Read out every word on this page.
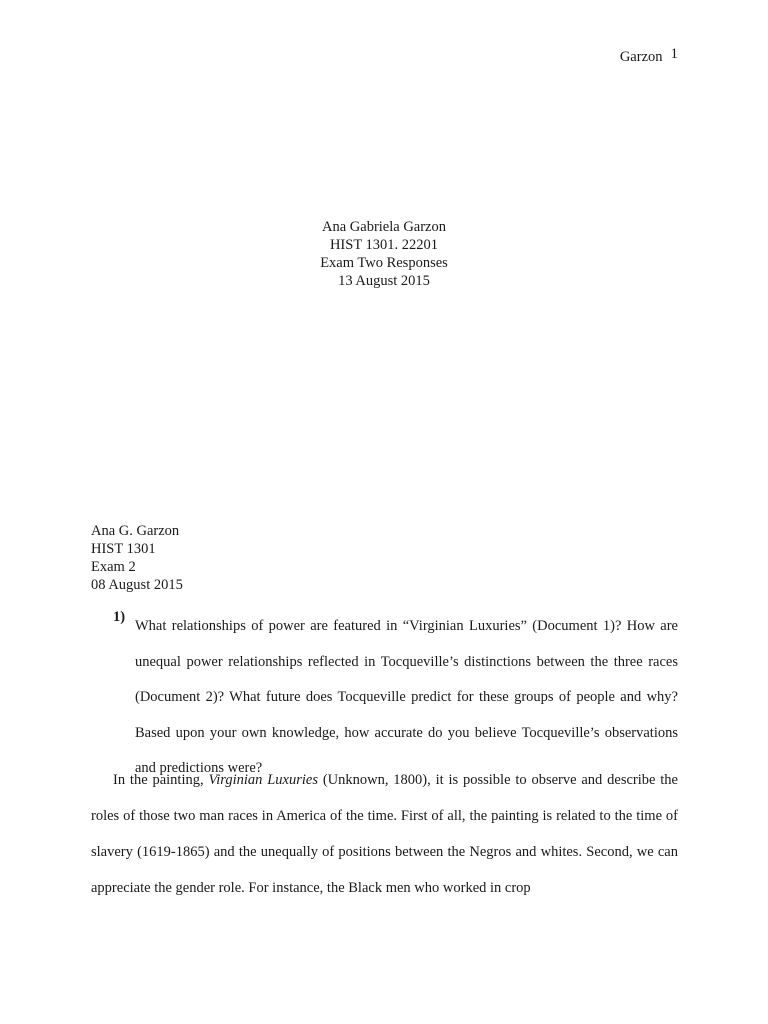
Garzon 1
Ana Gabriela Garzon
HIST 1301. 22201
Exam Two Responses
13 August 2015
Ana G. Garzon
HIST 1301
Exam 2
08 August 2015
1)
What relationships of power are featured in “Virginian Luxuries” (Document 1)? How are unequal power relationships reflected in Tocqueville’s distinctions between the three races (Document 2)? What future does Tocqueville predict for these groups of people and why? Based upon your own knowledge, how accurate do you believe Tocqueville’s observations and predictions were?
In the painting, Virginian Luxuries (Unknown, 1800), it is possible to observe and describe the roles of those two man races in America of the time. First of all, the painting is related to the time of slavery (1619-1865) and the unequally of positions between the Negros and whites. Second, we can appreciate the gender role. For instance, the Black men who worked in crop
